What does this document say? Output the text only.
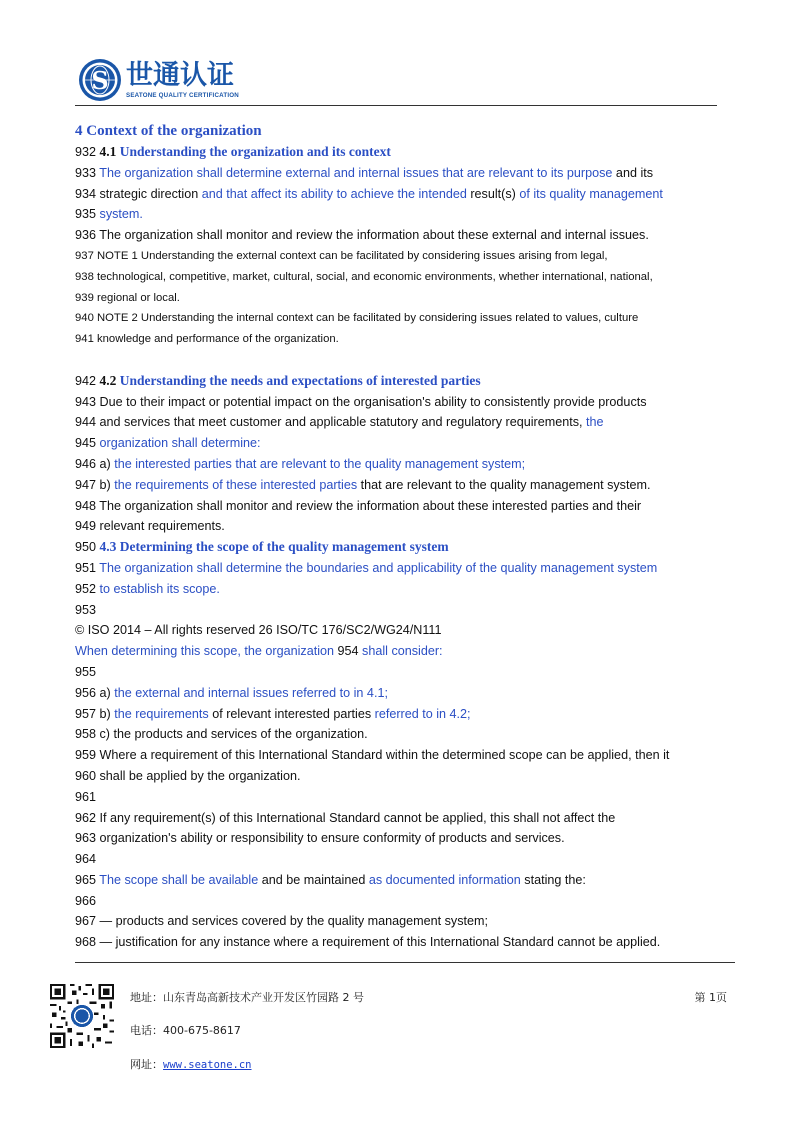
S 世通认证
SEATONE QUALITY CERTIFICATION
4 Context of the organization
932 4.1 Understanding the organization and its context
933 The organization shall determine external and internal issues that are relevant to its purpose and its
934 strategic direction and that affect its ability to achieve the intended result(s) of its quality management
935 system.
936 The organization shall monitor and review the information about these external and internal issues.
937 NOTE 1 Understanding the external context can be facilitated by considering issues arising from legal,
938 technological, competitive, market, cultural, social, and economic environments, whether international, national,
939 regional or local.
940 NOTE 2 Understanding the internal context can be facilitated by considering issues related to values, culture
941 knowledge and performance of the organization.
942 4.2 Understanding the needs and expectations of interested parties
943 Due to their impact or potential impact on the organisation's ability to consistently provide products
944 and services that meet customer and applicable statutory and regulatory requirements, the
945 organization shall determine:
946 a) the interested parties that are relevant to the quality management system;
947 b) the requirements of these interested parties that are relevant to the quality management system.
948 The organization shall monitor and review the information about these interested parties and their
949 relevant requirements.
950 4.3 Determining the scope of the quality management system
951 The organization shall determine the boundaries and applicability of the quality management system
952 to establish its scope.
953
© ISO 2014 – All rights reserved 26 ISO/TC 176/SC2/WG24/N111
When determining this scope, the organization 954 shall consider:
955
956 a) the external and internal issues referred to in 4.1;
957 b) the requirements of relevant interested parties referred to in 4.2;
958 c) the products and services of the organization.
959 Where a requirement of this International Standard within the determined scope can be applied, then it
960 shall be applied by the organization.
961
962 If any requirement(s) of this International Standard cannot be applied, this shall not affect the
963 organization's ability or responsibility to ensure conformity of products and services.
964
965 The scope shall be available and be maintained as documented information stating the:
966
967 — products and services covered by the quality management system;
968 — justification for any instance where a requirement of this International Standard cannot be applied.
地址：山东青岛高新技术产业开发区竹园路 2 号
电话：400-675-8617
网址：www.seatone.cn
第 1页
